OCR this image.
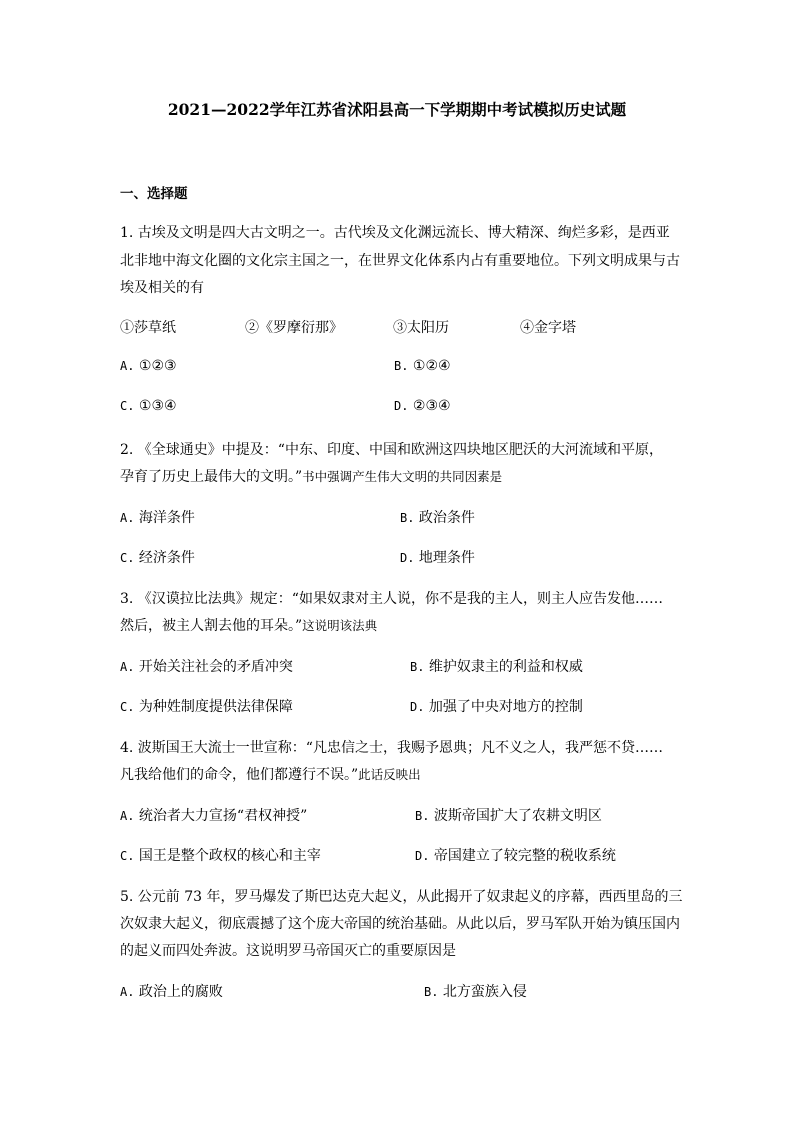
2021—2022学年江苏省沭阳县高一下学期期中考试模拟历史试题
一、选择题
1. 古埃及文明是四大古文明之一。古代埃及文化渊远流长、博大精深、绚烂多彩，是西亚
北非地中海文化圈的文化宗主国之一，在世界文化体系内占有重要地位。下列文明成果与古
埃及相关的有
①莎草纸	②《罗摩衍那》	③太阳历	④金字塔
A. ①②③	B. ①②④
C. ①③④	D. ②③④
2. 《全球通史》中提及：“中东、印度、中国和欧洲这四块地区肥沃的大河流域和平原，
孕育了历史上最伟大的文明。”书中强调产生伟大文明的共同因素是
A. 海洋条件	B. 政治条件
C. 经济条件	D. 地理条件
3. 《汉谟拉比法典》规定：“如果奴隶对主人说，你不是我的主人，则主人应告发他……
然后，被主人割去他的耳朵。”这说明该法典
A. 开始关注社会的矛盾冲突	B. 维护奴隶主的利益和权威
C. 为种姓制度提供法律保障	D. 加强了中央对地方的控制
4. 波斯国王大流士一世宣称：“凡忠信之士，我赐予恩典；凡不义之人，我严惩不贷……
凡我给他们的命令，他们都遵行不误。”此话反映出
A. 统治者大力宣扬“君权神授”	B. 波斯帝国扩大了农耕文明区
C. 国王是整个政权的核心和主宰	D. 帝国建立了较完整的税收系统
5. 公元前 73 年，罗马爆发了斯巴达克大起义，从此揭开了奴隶起义的序幕，西西里岛的三
次奴隶大起义，彻底震撼了这个庞大帝国的统治基础。从此以后，罗马军队开始为镇压国内
的起义而四处奔波。这说明罗马帝国灭亡的重要原因是
A. 政治上的腐败	B. 北方蛮族入侵
